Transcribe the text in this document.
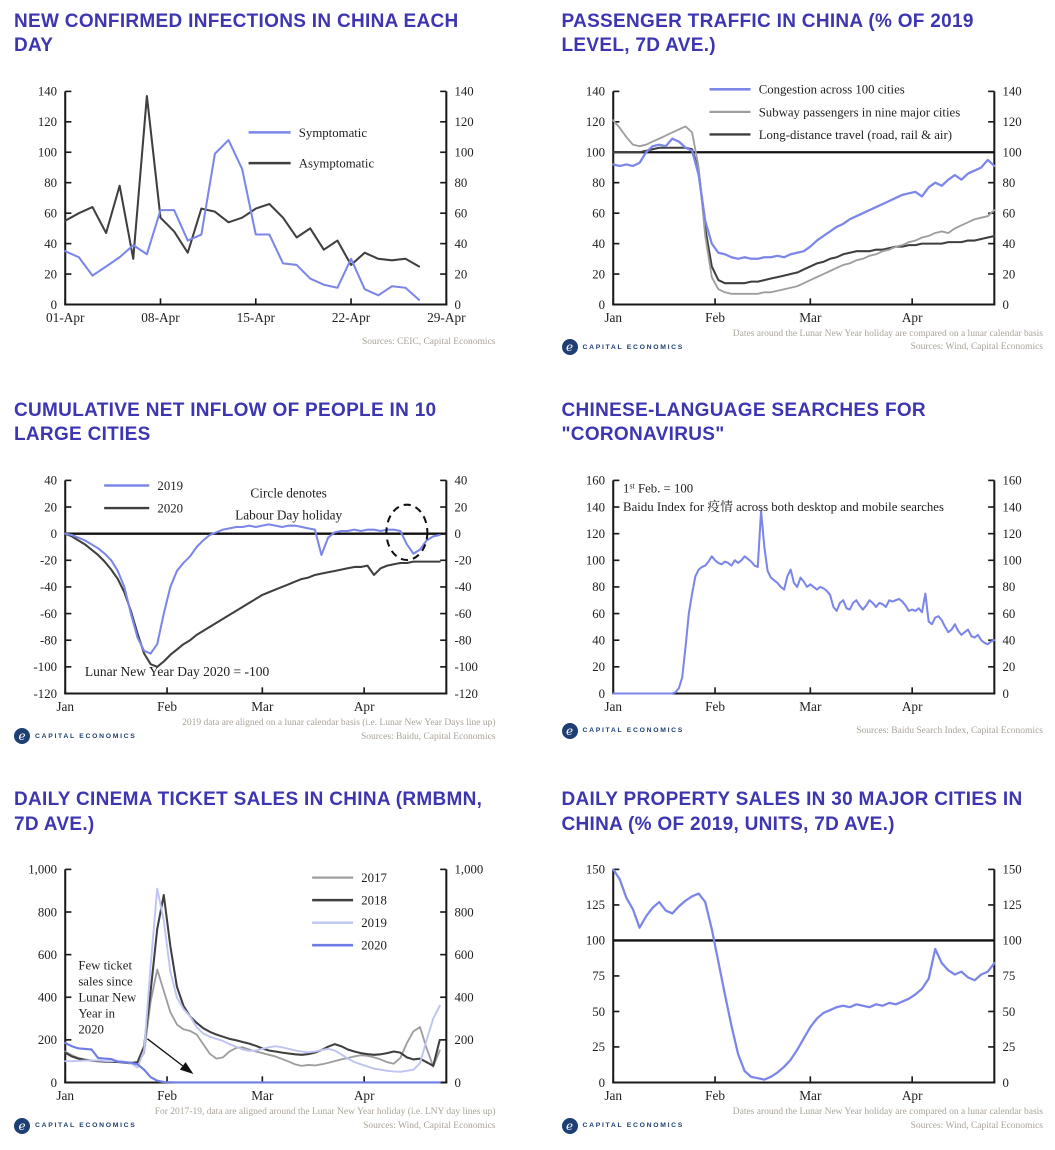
NEW CONFIRMED INFECTIONS IN CHINA EACH DAY
0	0
20	20
40	40
60	60
80	80
100	100
120	120
140	140
01-Apr	08-Apr	15-Apr	22-Apr	29-Apr
Symptomatic
Asymptomatic
Sources: CEIC, Capital Economics
PASSENGER TRAFFIC IN CHINA (% OF 2019 LEVEL, 7D AVE.)
0	0
20	20
40	40
60	60
80	80
100	100
120	120
140	140
Jan	Feb	Mar	Apr
Congestion across 100 cities
Subway passengers in nine major cities
Long-distance travel (road, rail & air)
e	CAPITAL ECONOMICS
Dates around the Lunar New Year holiday are compared on a lunar calendar basis
Sources: Wind, Capital Economics
CUMULATIVE NET INFLOW OF PEOPLE IN 10 LARGE CITIES
40	40
20	20
0	0
-20	-20
-40	-40
-60	-60
-80	-80
-100	-100
-120	-120
Jan	Feb	Mar	Apr
2019
2020
Circle denotes
Labour Day holiday
Lunar New Year Day 2020 = -100
e	CAPITAL ECONOMICS
2019 data are aligned on a lunar calendar basis (i.e. Lunar New Year Days line up)
Sources: Baidu, Capital Economics
CHINESE-LANGUAGE SEARCHES FOR "CORONAVIRUS"
0	0
20	20
40	40
60	60
80	80
100	100
120	120
140	140
160	160
Jan	Feb	Mar	Apr
1st Feb. = 100
Baidu Index for 疫情 across both desktop and mobile searches
e	CAPITAL ECONOMICS	Sources: Baidu Search Index, Capital Economics
DAILY CINEMA TICKET SALES IN CHINA (RMBMN, 7D AVE.)
0	0
200	200
400	400
600	600
800	800
1,000	1,000
Jan	Feb	Mar	Apr
2017
2018
2019
2020
Few ticket
sales since
Lunar New
Year in
2020
e	CAPITAL ECONOMICS
For 2017-19, data are aligned around the Lunar New Year holiday (i.e. LNY day lines up)
Sources: Wind, Capital Economics
DAILY PROPERTY SALES IN 30 MAJOR CITIES IN CHINA (% OF 2019, UNITS, 7D AVE.)
0	0
25	25
50	50
75	75
100	100
125	125
150	150
Jan	Feb	Mar	Apr
e	CAPITAL ECONOMICS
Dates around the Lunar New Year holiday are compared on a lunar calendar basis
Sources: Wind, Capital Economics
